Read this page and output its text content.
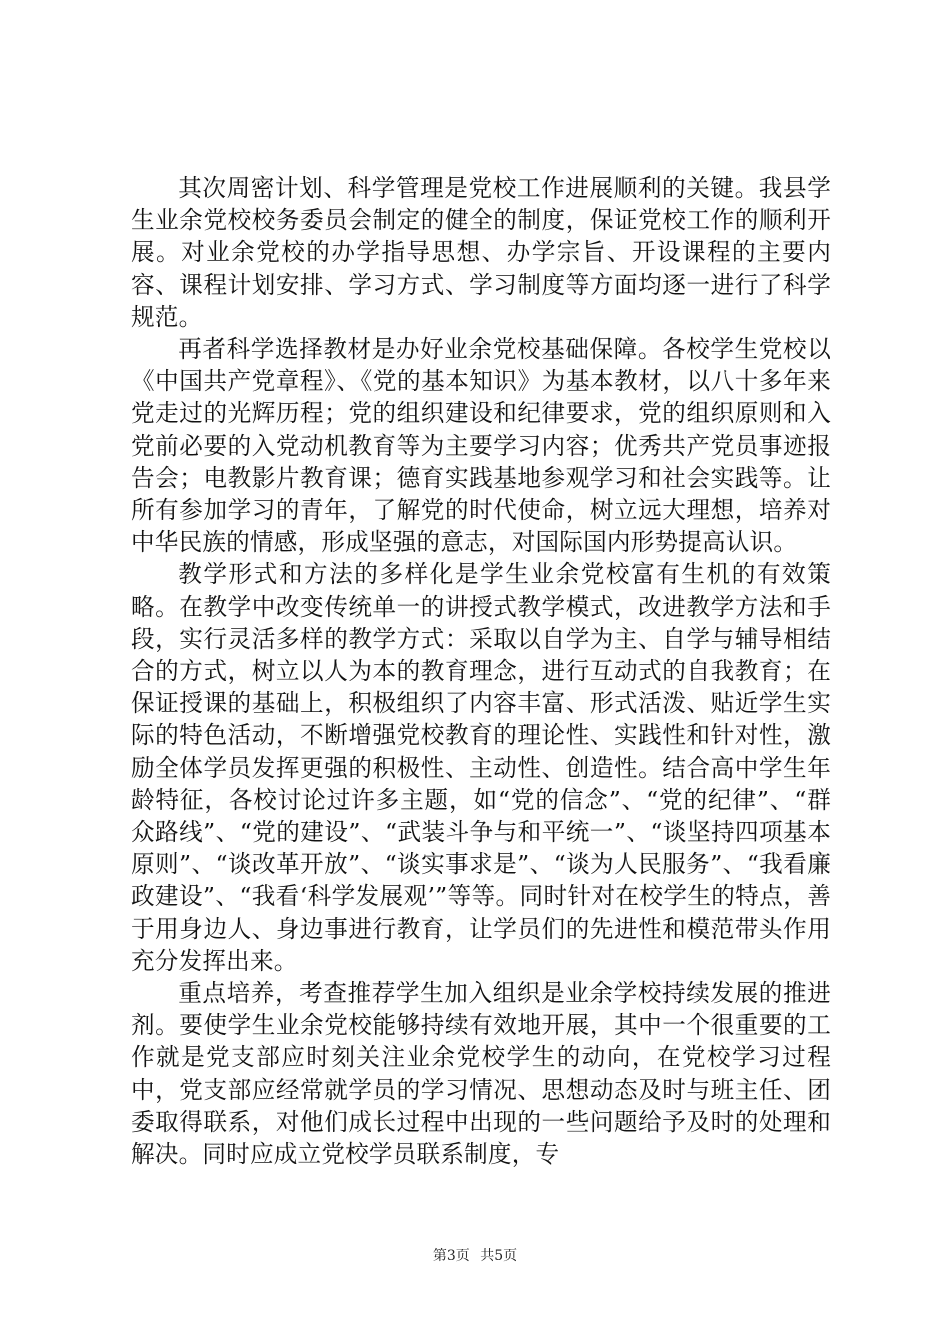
其次周密计划、科学管理是党校工作进展顺利的关键。我县学生业余党校校务委员会制定的健全的制度，保证党校工作的顺利开展。对业余党校的办学指导思想、办学宗旨、开设课程的主要内容、课程计划安排、学习方式、学习制度等方面均逐一进行了科学规范。

再者科学选择教材是办好业余党校基础保障。各校学生党校以《中国共产党章程》、《党的基本知识》为基本教材，以八十多年来党走过的光辉历程；党的组织建设和纪律要求，党的组织原则和入党前必要的入党动机教育等为主要学习内容；优秀共产党员事迹报告会；电教影片教育课；德育实践基地参观学习和社会实践等。让所有参加学习的青年，了解党的时代使命，树立远大理想，培养对中华民族的情感，形成坚强的意志，对国际国内形势提高认识。

教学形式和方法的多样化是学生业余党校富有生机的有效策略。在教学中改变传统单一的讲授式教学模式，改进教学方法和手段，实行灵活多样的教学方式：采取以自学为主、自学与辅导相结合的方式，树立以人为本的教育理念，进行互动式的自我教育；在保证授课的基础上，积极组织了内容丰富、形式活泼、贴近学生实际的特色活动，不断增强党校教育的理论性、实践性和针对性，激励全体学员发挥更强的积极性、主动性、创造性。结合高中学生年龄特征，各校讨论过许多主题，如“党的信念”、“党的纪律”、“群众路线”、“党的建设”、“武装斗争与和平统一”、“谈坚持四项基本原则”、“谈改革开放”、“谈实事求是”、“谈为人民服务”、“我看廉政建设”、“我看‘科学发展观’”等等。同时针对在校学生的特点，善于用身边人、身边事进行教育，让学员们的先进性和模范带头作用充分发挥出来。

重点培养，考查推荐学生加入组织是业余学校持续发展的推进剂。要使学生业余党校能够持续有效地开展，其中一个很重要的工作就是党支部应时刻关注业余党校学生的动向，在党校学习过程中，党支部应经常就学员的学习情况、思想动态及时与班主任、团委取得联系，对他们成长过程中出现的一些问题给予及时的处理和解决。同时应成立党校学员联系制度，专

第3页 共5页
